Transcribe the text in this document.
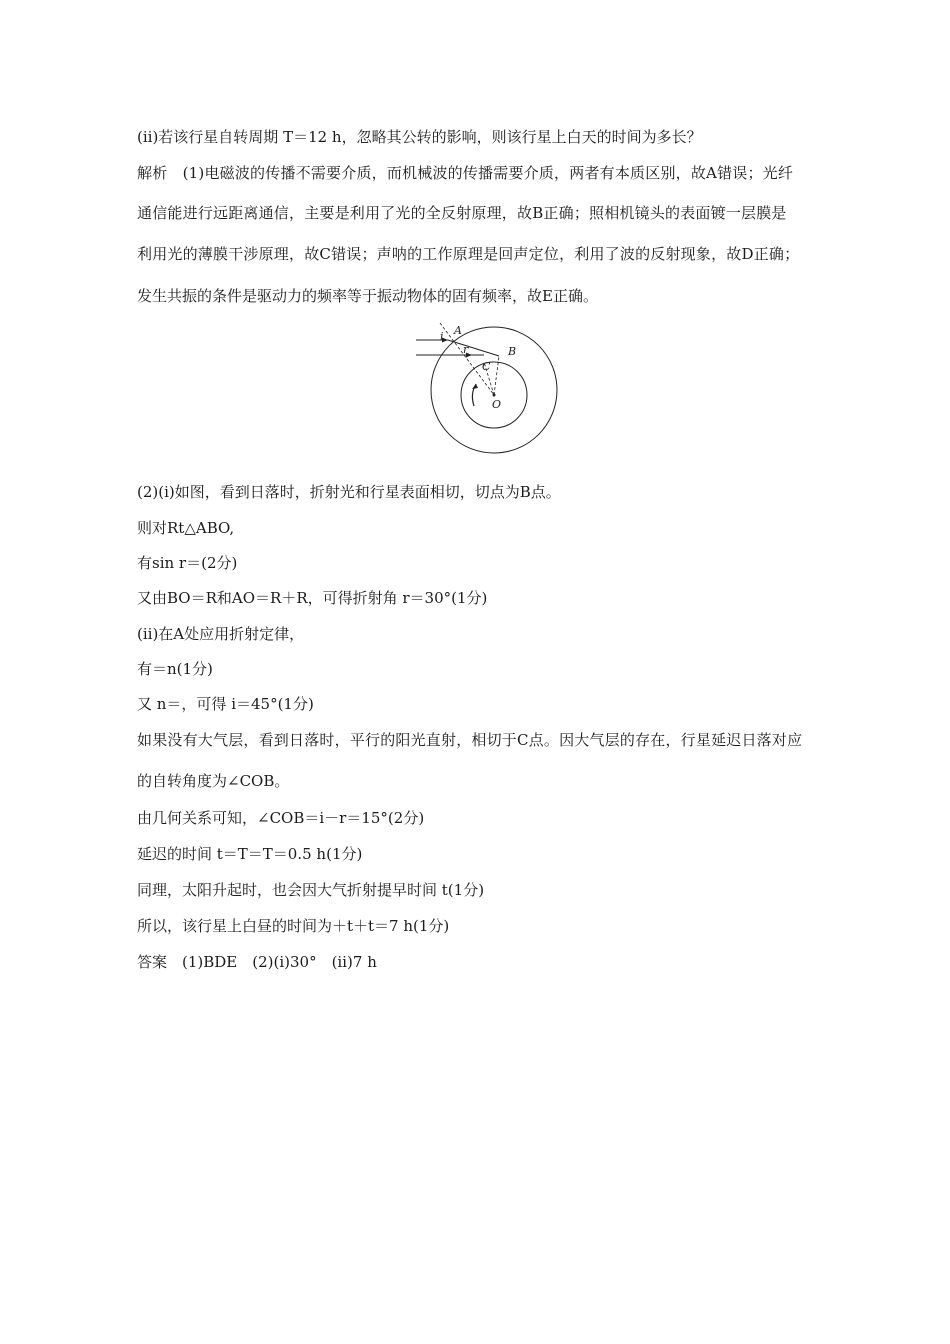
(ⅱ)若该行星自转周期 T＝12 h，忽略其公转的影响，则该行星上白天的时间为多长？
解析　(1)电磁波的传播不需要介质，而机械波的传播需要介质，两者有本质区别，故A错误；光纤
通信能进行远距离通信，主要是利用了光的全反射原理，故B正确；照相机镜头的表面镀一层膜是
利用光的薄膜干涉原理，故C错误；声呐的工作原理是回声定位，利用了波的反射现象，故D正确；
发生共振的条件是驱动力的频率等于振动物体的固有频率，故E正确。
A
i
r	B
C
O
(2)(ⅰ)如图，看到日落时，折射光和行星表面相切，切点为B点。
则对Rt△ABO,
有sin r＝(2分)
又由BO＝R和AO＝R＋R，可得折射角 r＝30°(1分)
(ⅱ)在A处应用折射定律，
有＝n(1分)
又 n＝，可得 i＝45°(1分)
如果没有大气层，看到日落时，平行的阳光直射，相切于C点。因大气层的存在，行星延迟日落对应
的自转角度为∠COB。
由几何关系可知，∠COB＝i－r＝15°(2分)
延迟的时间 t＝T＝T＝0.5 h(1分)
同理，太阳升起时，也会因大气折射提早时间 t(1分)
所以，该行星上白昼的时间为＋t＋t＝7 h(1分)
答案　(1)BDE　(2)(ⅰ)30°　(ⅱ)7 h
